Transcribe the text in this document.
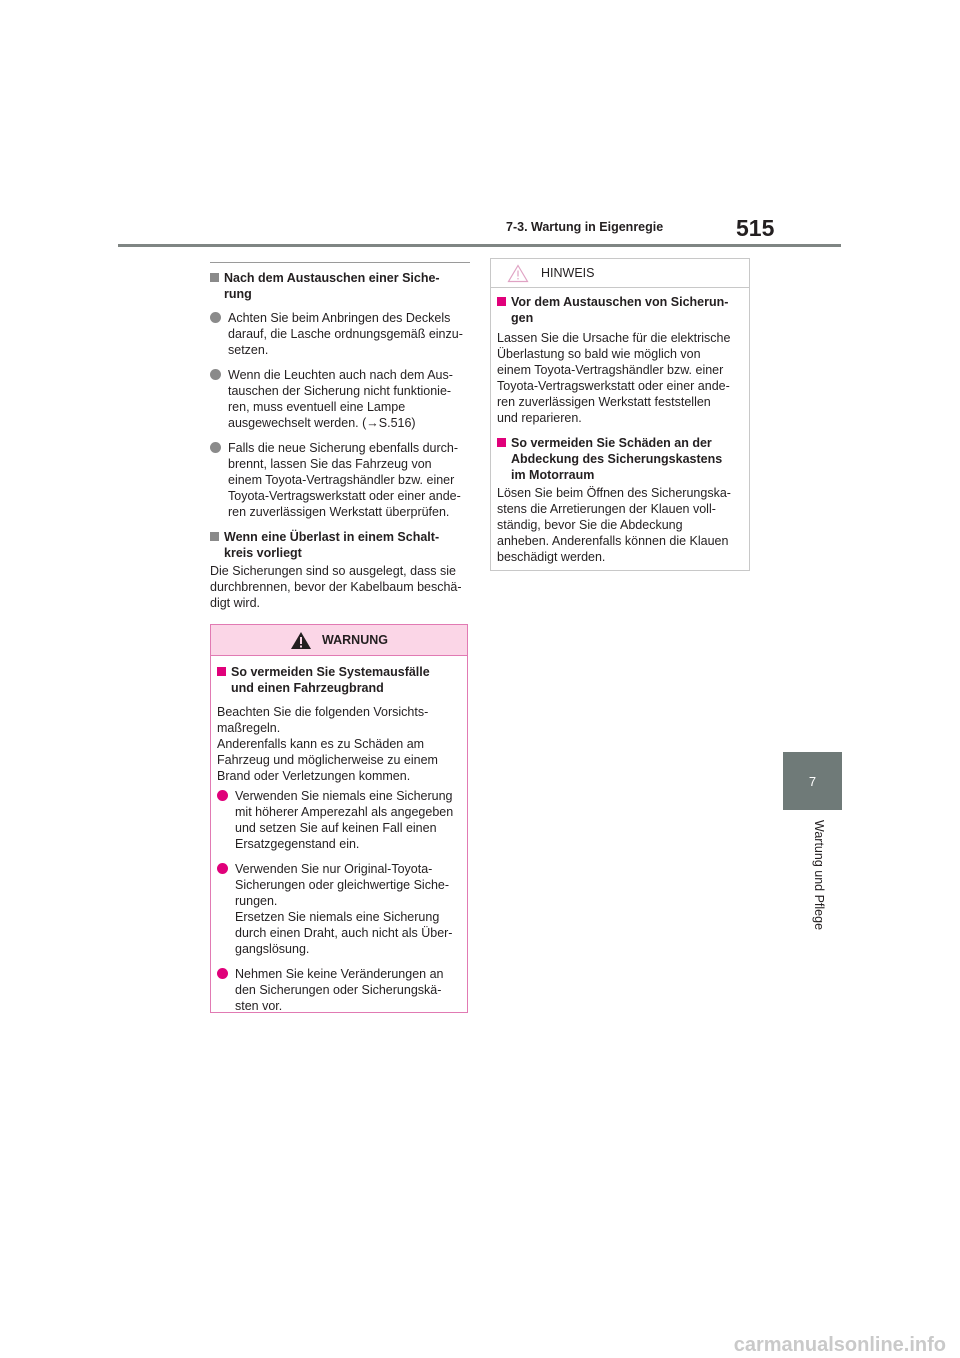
7-3. Wartung in Eigenregie	515
7
Wartung und Pflege
Nach dem Austauschen einer Siche-
rung
Achten Sie beim Anbringen des Deckels
darauf, die Lasche ordnungsgemäß einzu-
setzen.
Wenn die Leuchten auch nach dem Aus-
tauschen der Sicherung nicht funktionie-
ren, muss eventuell eine Lampe
ausgewechselt werden. (→S.516)
Falls die neue Sicherung ebenfalls durch-
brennt, lassen Sie das Fahrzeug von
einem Toyota-Vertragshändler bzw. einer
Toyota-Vertragswerkstatt oder einer ande-
ren zuverlässigen Werkstatt überprüfen.
Wenn eine Überlast in einem Schalt-
kreis vorliegt
Die Sicherungen sind so ausgelegt, dass sie
durchbrennen, bevor der Kabelbaum beschä-
digt wird.
WARNUNG
So vermeiden Sie Systemausfälle
und einen Fahrzeugbrand
Beachten Sie die folgenden Vorsichts-
maßregeln.
Anderenfalls kann es zu Schäden am
Fahrzeug und möglicherweise zu einem
Brand oder Verletzungen kommen.
Verwenden Sie niemals eine Sicherung
mit höherer Amperezahl als angegeben
und setzen Sie auf keinen Fall einen
Ersatzgegenstand ein.
Verwenden Sie nur Original-Toyota-
Sicherungen oder gleichwertige Siche-
rungen.
Ersetzen Sie niemals eine Sicherung
durch einen Draht, auch nicht als Über-
gangslösung.
Nehmen Sie keine Veränderungen an
den Sicherungen oder Sicherungskä-
sten vor.
HINWEIS
Vor dem Austauschen von Sicherun-
gen
Lassen Sie die Ursache für die elektrische
Überlastung so bald wie möglich von
einem Toyota-Vertragshändler bzw. einer
Toyota-Vertragswerkstatt oder einer ande-
ren zuverlässigen Werkstatt feststellen
und reparieren.
So vermeiden Sie Schäden an der
Abdeckung des Sicherungskastens
im Motorraum
Lösen Sie beim Öffnen des Sicherungska-
stens die Arretierungen der Klauen voll-
ständig, bevor Sie die Abdeckung
anheben. Anderenfalls können die Klauen
beschädigt werden.
carmanualsonline.info
